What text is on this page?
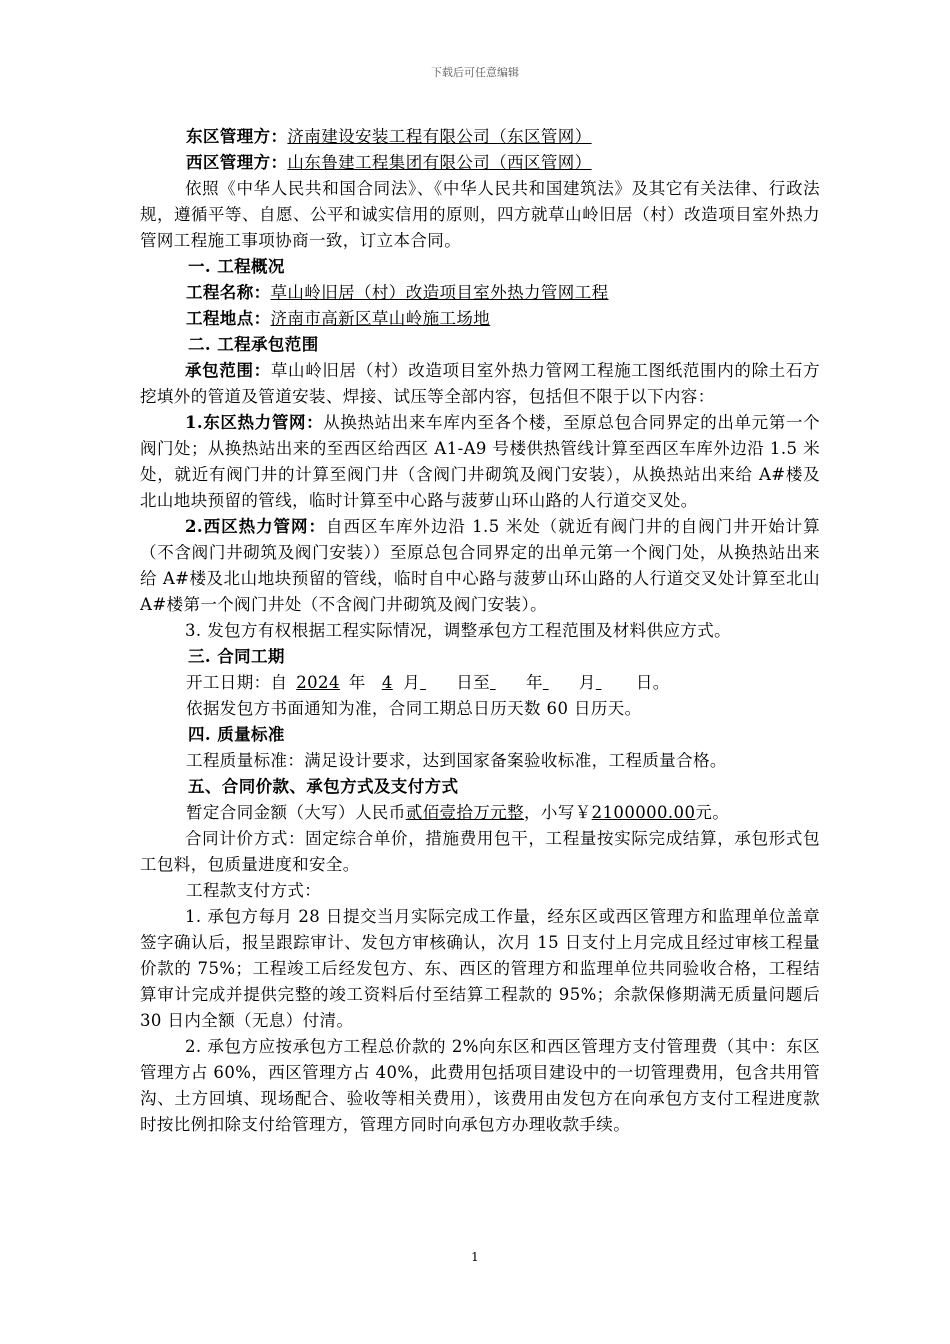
下载后可任意编辑
东区管理方：济南建设安装工程有限公司（东区管网）
西区管理方：山东鲁建工程集团有限公司（西区管网）
依照《中华人民共和国合同法》、《中华人民共和国建筑法》及其它有关法律、行政法规，遵循平等、自愿、公平和诚实信用的原则，四方就草山岭旧居（村）改造项目室外热力管网工程施工事项协商一致，订立本合同。
一. 工程概况
工程名称：草山岭旧居（村）改造项目室外热力管网工程
工程地点：济南市高新区草山岭施工场地
二. 工程承包范围
承包范围：草山岭旧居（村）改造项目室外热力管网工程施工图纸范围内的除土石方挖填外的管道及管道安装、焊接、试压等全部内容，包括但不限于以下内容：
1.东区热力管网：从换热站出来车库内至各个楼，至原总包合同界定的出单元第一个阀门处；从换热站出来的至西区给西区 A1-A9 号楼供热管线计算至西区车库外边沿 1.5 米处，就近有阀门井的计算至阀门井（含阀门井砌筑及阀门安装），从换热站出来给 A#楼及北山地块预留的管线，临时计算至中心路与菠萝山环山路的人行道交叉处。
2.西区热力管网：自西区车库外边沿 1.5 米处（就近有阀门井的自阀门井开始计算（不含阀门井砌筑及阀门安装））至原总包合同界定的出单元第一个阀门处，从换热站出来给 A#楼及北山地块预留的管线，临时自中心路与菠萝山环山路的人行道交叉处计算至北山 A#楼第一个阀门井处（不含阀门井砌筑及阀门安装）。
3. 发包方有权根据工程实际情况，调整承包方工程范围及材料供应方式。
三. 合同工期
开工日期：自 2024 年 4 月 日至 年 月 日。
依据发包方书面通知为准，合同工期总日历天数 60 日历天。
四. 质量标准
工程质量标准：满足设计要求，达到国家备案验收标准，工程质量合格。
五、合同价款、承包方式及支付方式
暂定合同金额（大写）人民币贰佰壹拾万元整，小写￥2100000.00元。
合同计价方式：固定综合单价，措施费用包干，工程量按实际完成结算，承包形式包工包料，包质量进度和安全。
工程款支付方式：
1. 承包方每月 28 日提交当月实际完成工作量，经东区或西区管理方和监理单位盖章签字确认后，报呈跟踪审计、发包方审核确认，次月 15 日支付上月完成且经过审核工程量价款的 75%；工程竣工后经发包方、东、西区的管理方和监理单位共同验收合格，工程结算审计完成并提供完整的竣工资料后付至结算工程款的 95%；余款保修期满无质量问题后 30 日内全额（无息）付清。
2. 承包方应按承包方工程总价款的 2%向东区和西区管理方支付管理费（其中：东区管理方占 60%，西区管理方占 40%，此费用包括项目建设中的一切管理费用，包含共用管沟、土方回填、现场配合、验收等相关费用），该费用由发包方在向承包方支付工程进度款时按比例扣除支付给管理方，管理方同时向承包方办理收款手续。
1
